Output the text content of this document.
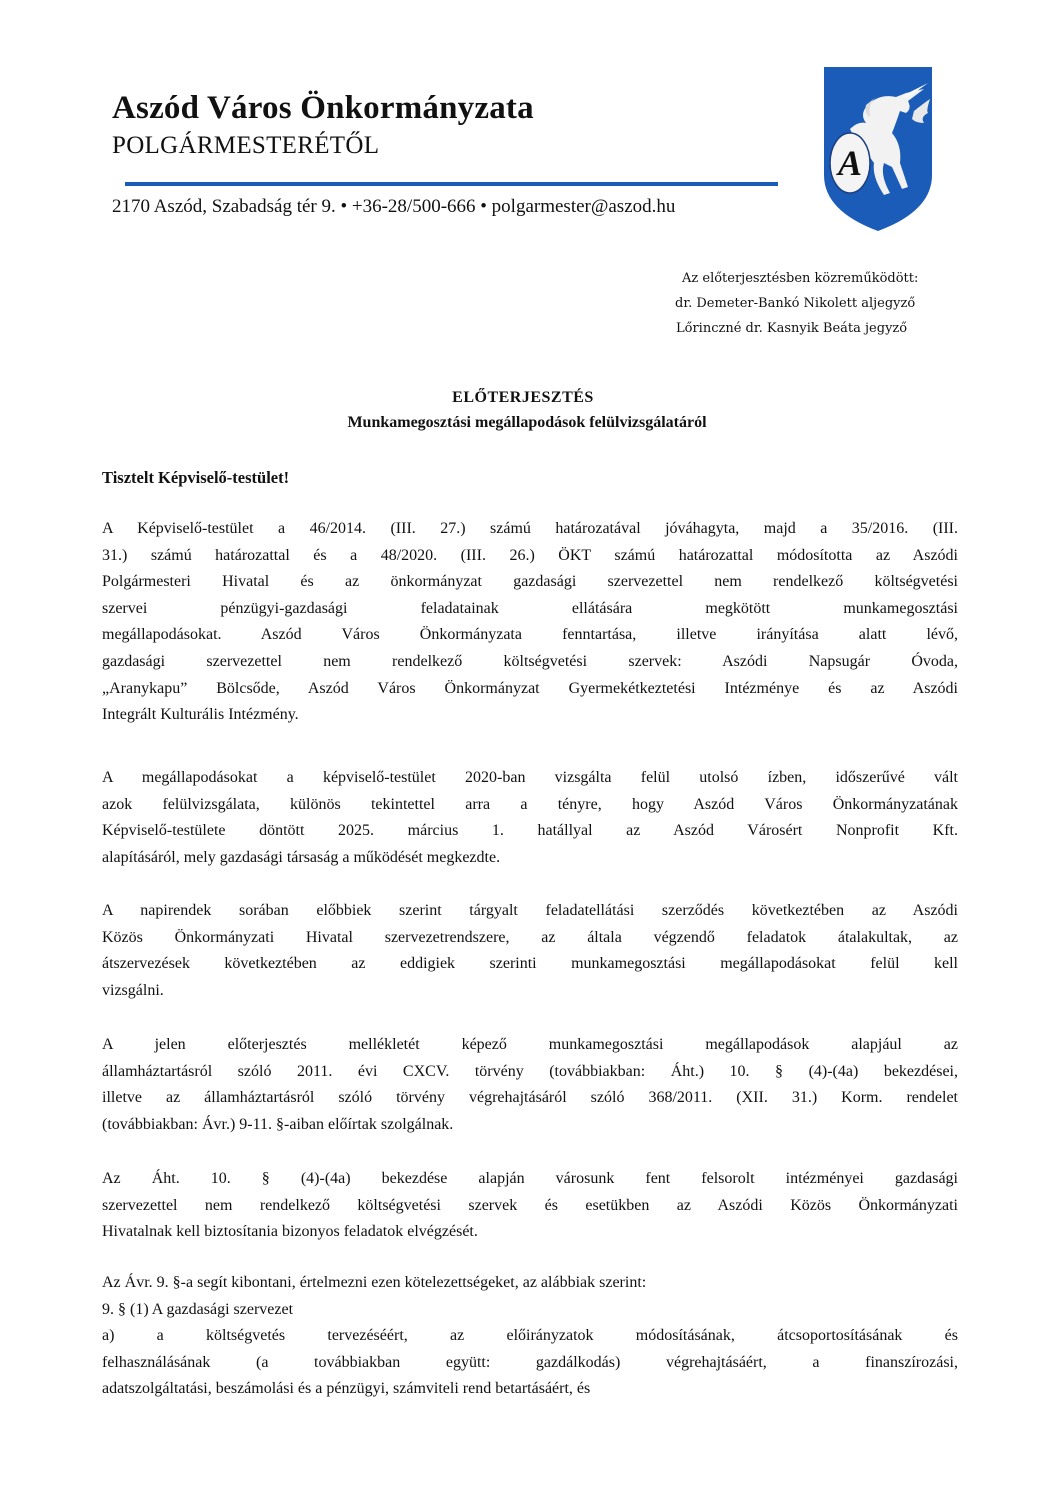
Aszód Város Önkormányzata
POLGÁRMESTERÉTŐL
2170 Aszód, Szabadság tér 9. • +36-28/500-666 • polgarmester@aszod.hu
A
Az előterjesztésben közreműködött:
dr. Demeter-Bankó Nikolett aljegyző
Lőrinczné dr. Kasnyik Beáta jegyző
ELŐTERJESZTÉS
Munkamegosztási megállapodások felülvizsgálatáról
Tisztelt Képviselő-testület!
A Képviselő-testület a 46/2014. (III. 27.) számú határozatával jóváhagyta, majd a 35/2016. (III.
31.) számú határozattal és a 48/2020. (III. 26.) ÖKT számú határozattal módosította az Aszódi
Polgármesteri Hivatal és az önkormányzat gazdasági szervezettel nem rendelkező költségvetési
szervei pénzügyi-gazdasági feladatainak ellátására megkötött munkamegosztási
megállapodásokat. Aszód Város Önkormányzata fenntartása, illetve irányítása alatt lévő,
gazdasági szervezettel nem rendelkező költségvetési szervek: Aszódi Napsugár Óvoda,
„Aranykapu” Bölcsőde, Aszód Város Önkormányzat Gyermekétkeztetési Intézménye és az Aszódi
Integrált Kulturális Intézmény.
A megállapodásokat a képviselő-testület 2020-ban vizsgálta felül utolsó ízben, időszerűvé vált
azok felülvizsgálata, különös tekintettel arra a tényre, hogy Aszód Város Önkormányzatának
Képviselő-testülete döntött 2025. március 1. hatállyal az Aszód Városért Nonprofit Kft.
alapításáról, mely gazdasági társaság a működését megkezdte.
A napirendek sorában előbbiek szerint tárgyalt feladatellátási szerződés következtében az Aszódi
Közös Önkormányzati Hivatal szervezetrendszere, az általa végzendő feladatok átalakultak, az
átszervezések következtében az eddigiek szerinti munkamegosztási megállapodásokat felül kell
vizsgálni.
A jelen előterjesztés mellékletét képező munkamegosztási megállapodások alapjául az
államháztartásról szóló 2011. évi CXCV. törvény (továbbiakban: Áht.) 10. § (4)-(4a) bekezdései,
illetve az államháztartásról szóló törvény végrehajtásáról szóló 368/2011. (XII. 31.) Korm. rendelet
(továbbiakban: Ávr.) 9-11. §-aiban előírtak szolgálnak.
Az Áht. 10. § (4)-(4a) bekezdése alapján városunk fent felsorolt intézményei gazdasági
szervezettel nem rendelkező költségvetési szervek és esetükben az Aszódi Közös Önkormányzati
Hivatalnak kell biztosítania bizonyos feladatok elvégzését.
Az Ávr. 9. §-a segít kibontani, értelmezni ezen kötelezettségeket, az alábbiak szerint:
9. § (1) A gazdasági szervezet
a) a költségvetés tervezéséért, az előirányzatok módosításának, átcsoportosításának és
felhasználásának (a továbbiakban együtt: gazdálkodás) végrehajtásáért, a finanszírozási,
adatszolgáltatási, beszámolási és a pénzügyi, számviteli rend betartásáért, és
